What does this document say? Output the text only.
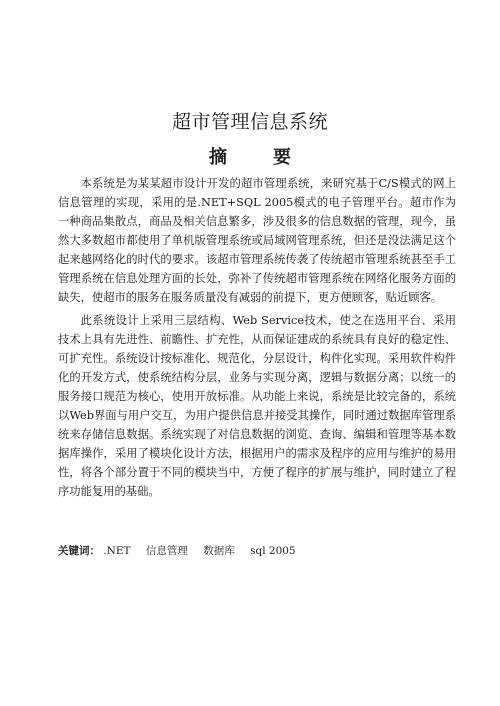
超市管理信息系统
摘　要

本系统是为某某超市设计开发的超市管理系统，来研究基于C/S模式的网上信息管理的实现，采用的是.NET+SQL 2005模式的电子管理平台。超市作为一种商品集散点，商品及相关信息繁多，涉及很多的信息数据的管理，现今，虽然大多数超市都使用了单机版管理系统或局域网管理系统，但还是没法满足这个起来越网络化的时代的要求。该超市管理系统传袭了传统超市管理系统甚至手工管理系统在信息处理方面的长处，弥补了传统超市管理系统在网络化服务方面的缺失，使超市的服务在服务质量没有减弱的前提下，更方便顾客，贴近顾客。

此系统设计上采用三层结构、Web Service技术，使之在选用平台、采用技术上具有先进性、前瞻性、扩充性，从而保证建成的系统具有良好的稳定性、可扩充性。系统设计按标准化、规范化，分层设计，构件化实现。采用软件构件化的开发方式，使系统结构分层，业务与实现分离，逻辑与数据分离；以统一的服务接口规范为核心，使用开放标准。从功能上来说，系统是比较完备的，系统以Web界面与用户交互，为用户提供信息并接受其操作，同时通过数据库管理系统来存储信息数据。系统实现了对信息数据的浏览、查询、编辑和管理等基本数据库操作，采用了模块化设计方法，根据用户的需求及程序的应用与维护的易用性，将各个部分置于不同的模块当中，方便了程序的扩展与维护，同时建立了程序功能复用的基础。

关键词： .NET 信息管理 数据库 sql 2005
